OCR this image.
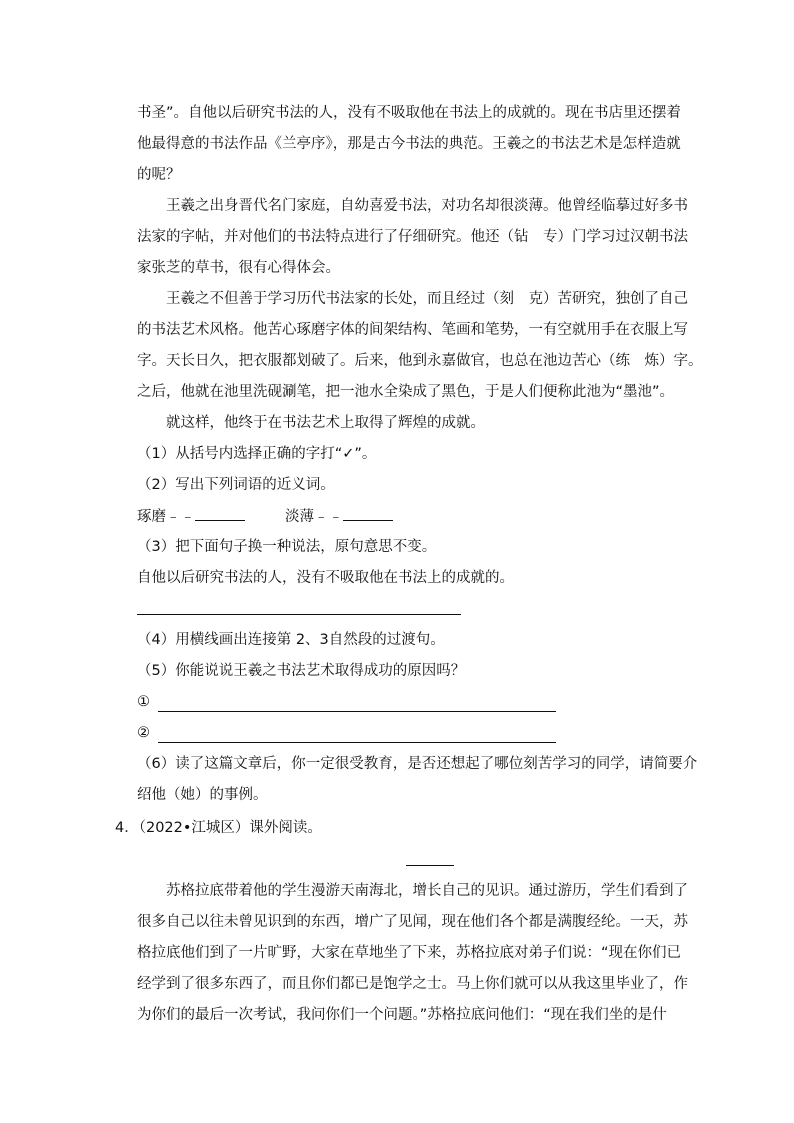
书圣”。自他以后研究书法的人，没有不吸取他在书法上的成就的。现在书店里还摆着
他最得意的书法作品《兰亭序》，那是古今书法的典范。王羲之的书法艺术是怎样造就
的呢？
王羲之出身晋代名门家庭，自幼喜爱书法，对功名却很淡薄。他曾经临摹过好多书
法家的字帖，并对他们的书法特点进行了仔细研究。他还（钻　专）门学习过汉朝书法
家张芝的草书，很有心得体会。
王羲之不但善于学习历代书法家的长处，而且经过（刻　克）苦研究，独创了自己
的书法艺术风格。他苦心琢磨字体的间架结构、笔画和笔势，一有空就用手在衣服上写
字。天长日久，把衣服都划破了。后来，他到永嘉做官，也总在池边苦心（练　炼）字。
之后，他就在池里洗砚涮笔，把一池水全染成了黑色，于是人们便称此池为“墨池”。
就这样，他终于在书法艺术上取得了辉煌的成就。
（1）从括号内选择正确的字打“✓”。
（2）写出下列词语的近义词。
琢磨﹣﹣	淡薄﹣﹣
（3）把下面句子换一种说法，原句意思不变。
自他以后研究书法的人，没有不吸取他在书法上的成就的。
（4）用横线画出连接第 2、3自然段的过渡句。
（5）你能说说王羲之书法艺术取得成功的原因吗？
①
②
（6）读了这篇文章后，你一定很受教育，是否还想起了哪位刻苦学习的同学，请简要介
绍他（她）的事例。
4．（2022•江城区）课外阅读。
苏格拉底带着他的学生漫游天南海北，增长自己的见识。通过游历，学生们看到了
很多自己以往未曾见识到的东西，增广了见闻，现在他们各个都是满腹经纶。一天，苏
格拉底他们到了一片旷野，大家在草地坐了下来，苏格拉底对弟子们说：“现在你们已
经学到了很多东西了，而且你们都已是饱学之士。马上你们就可以从我这里毕业了，作
为你们的最后一次考试，我问你们一个问题。”苏格拉底问他们：“现在我们坐的是什
